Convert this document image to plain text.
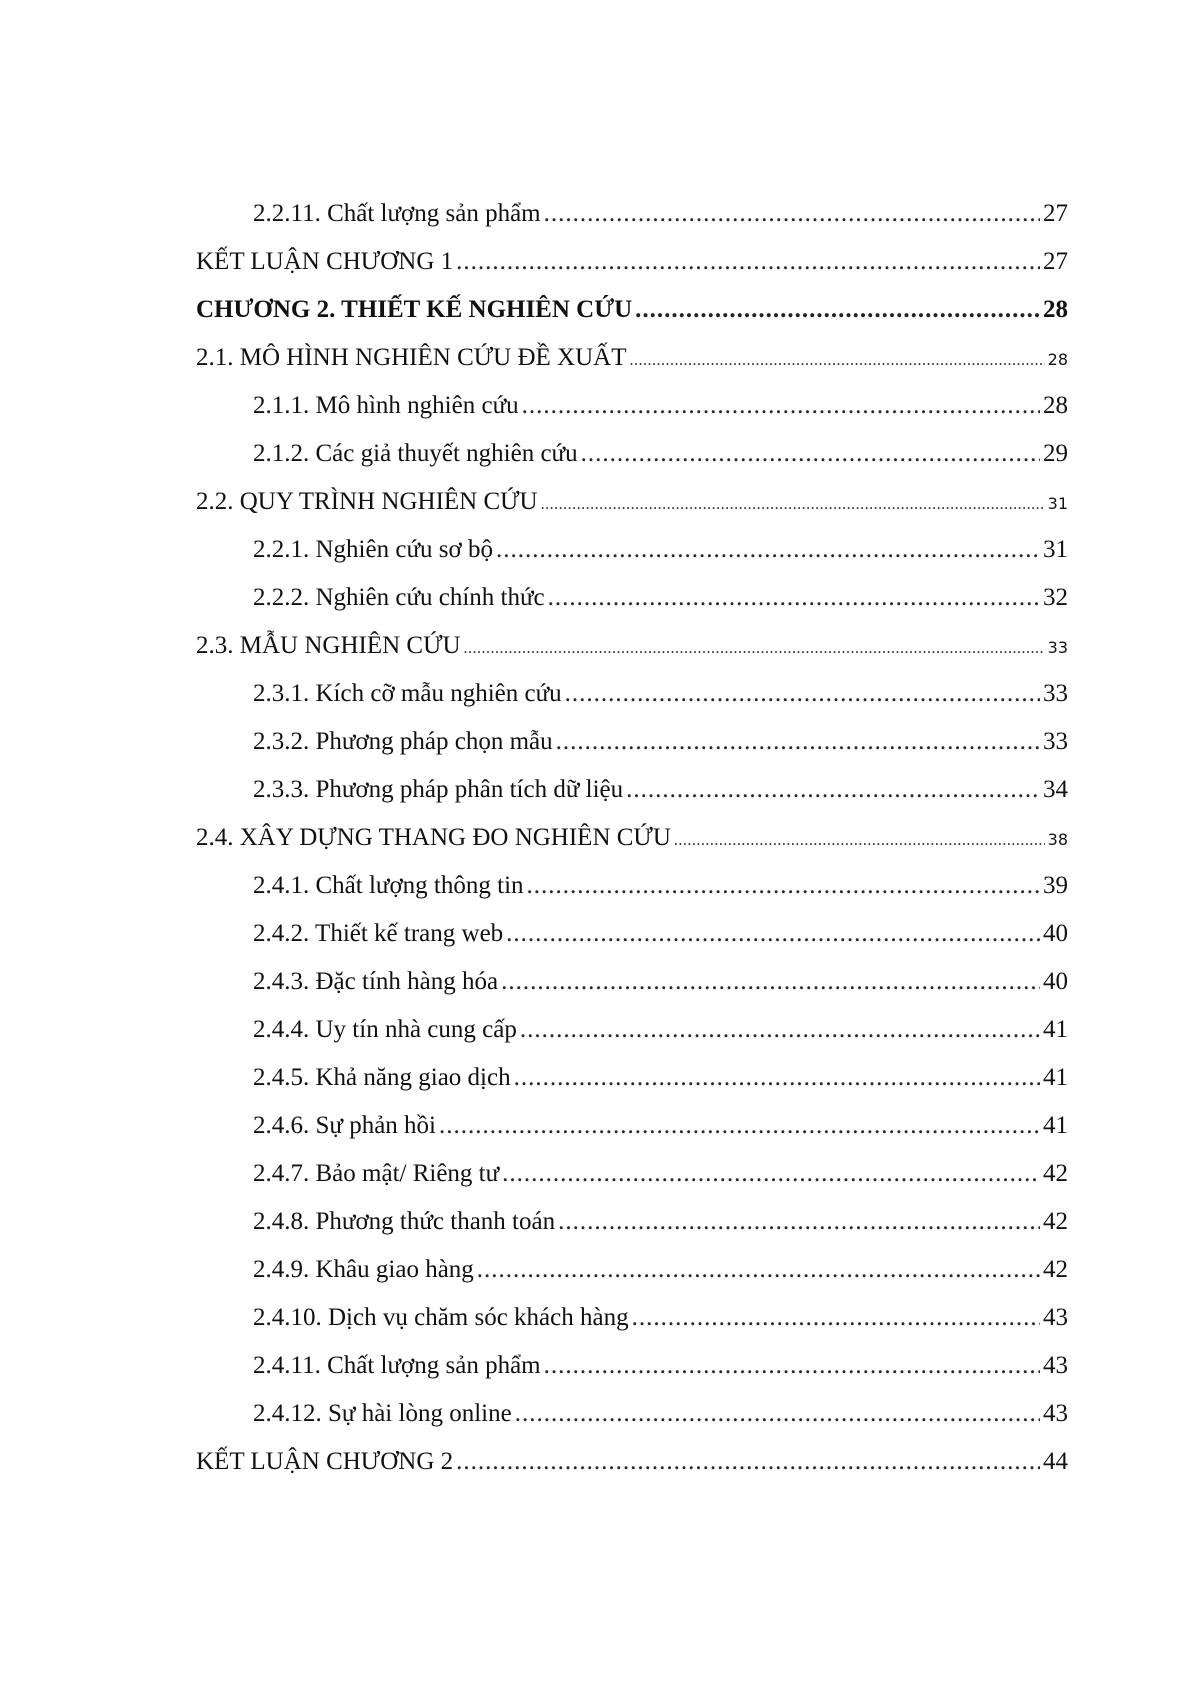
2.2.11. Chất lượng sản phẩm .....	27
KẾT LUẬN CHƯƠNG 1 .....	27
CHƯƠNG 2. THIẾT KẾ NGHIÊN CỨU .....	28
2.1. MÔ HÌNH NGHIÊN CỨU ĐỀ XUẤT .....	28
2.1.1. Mô hình nghiên cứu .....	28
2.1.2. Các giả thuyết nghiên cứu .....	29
2.2. QUY TRÌNH NGHIÊN CỨU .....	31
2.2.1. Nghiên cứu sơ bộ .....	31
2.2.2. Nghiên cứu chính thức .....	32
2.3. MẪU NGHIÊN CỨU .....	33
2.3.1. Kích cỡ mẫu nghiên cứu .....	33
2.3.2. Phương pháp chọn mẫu .....	33
2.3.3. Phương pháp phân tích dữ liệu .....	34
2.4. XÂY DỰNG THANG ĐO NGHIÊN CỨU .....	38
2.4.1. Chất lượng thông tin .....	39
2.4.2. Thiết kế trang web .....	40
2.4.3. Đặc tính hàng hóa .....	40
2.4.4. Uy tín nhà cung cấp .....	41
2.4.5. Khả năng giao dịch .....	41
2.4.6. Sự phản hồi .....	41
2.4.7. Bảo mật/ Riêng tư .....	42
2.4.8. Phương thức thanh toán .....	42
2.4.9. Khâu giao hàng .....	42
2.4.10. Dịch vụ chăm sóc khách hàng .....	43
2.4.11. Chất lượng sản phẩm .....	43
2.4.12. Sự hài lòng online .....	43
KẾT LUẬN CHƯƠNG 2 .....	44
